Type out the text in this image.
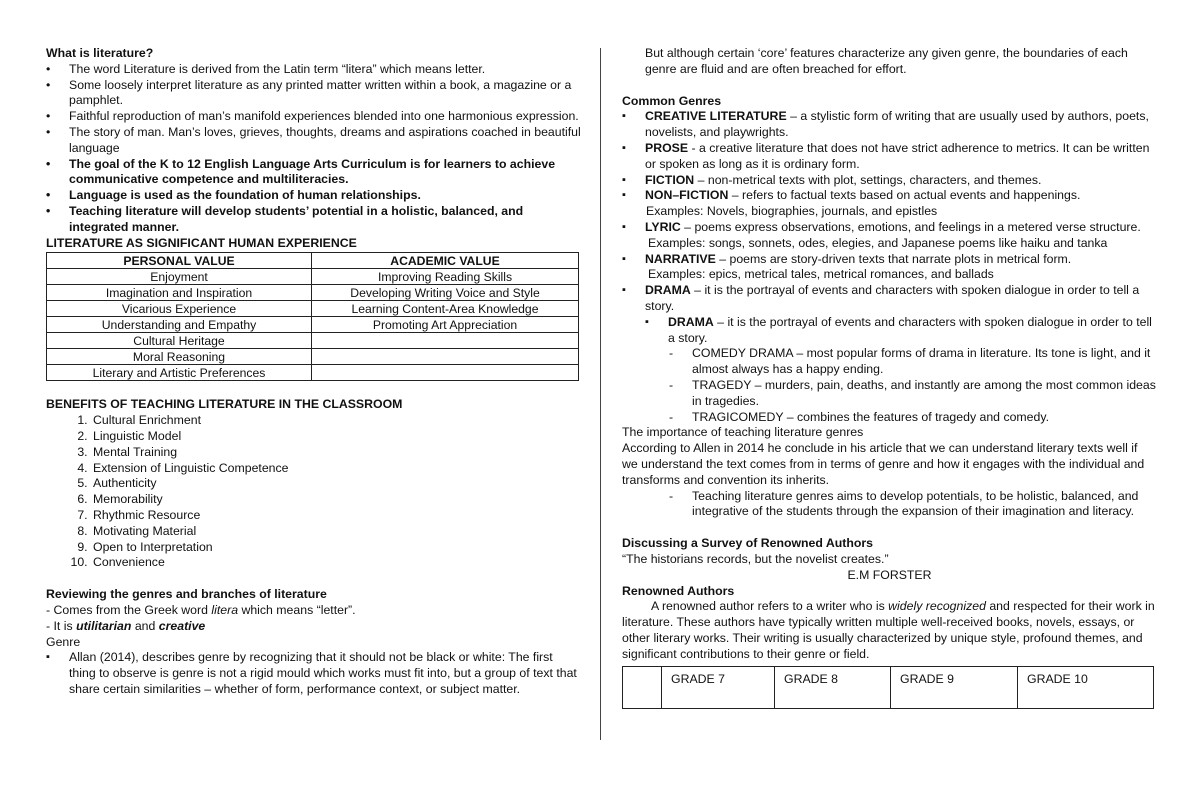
What is literature?

• The word Literature is derived from the Latin term “litera” which means letter.
• Some loosely interpret literature as any printed matter written within a book, a magazine or a pamphlet.
• Faithful reproduction of man’s manifold experiences blended into one harmonious expression.
• The story of man. Man’s loves, grieves, thoughts, dreams and aspirations coached in beautiful language
• The goal of the K to 12 English Language Arts Curriculum is for learners to achieve communicative competence and multiliteracies.
• Language is used as the foundation of human relationships.
• Teaching literature will develop students’ potential in a holistic, balanced, and integrated manner.

LITERATURE AS SIGNIFICANT HUMAN EXPERIENCE

PERSONAL VALUE	ACADEMIC VALUE
Enjoyment	Improving Reading Skills
Imagination and Inspiration	Developing Writing Voice and Style
Vicarious Experience	Learning Content-Area Knowledge
Understanding and Empathy	Promoting Art Appreciation
Cultural Heritage	
Moral Reasoning	
Literary and Artistic Preferences	

BENEFITS OF TEACHING LITERATURE IN THE CLASSROOM

1. Cultural Enrichment
2. Linguistic Model
3. Mental Training
4. Extension of Linguistic Competence
5. Authenticity
6. Memorability
7. Rhythmic Resource
8. Motivating Material
9. Open to Interpretation
10. Convenience

Reviewing the genres and branches of literature

- Comes from the Greek word litera which means “letter”.

- It is utilitarian and creative

Genre

▪ Allan (2014), describes genre by recognizing that it should not be black or white: The first thing to observe is genre is not a rigid mould which works must fit into, but a group of text that share certain similarities – whether of form, performance context, or subject matter.

But although certain ‘core’ features characterize any given genre, the boundaries of each genre are fluid and are often breached for effort.

Common Genres

▪ CREATIVE LITERATURE – a stylistic form of writing that are usually used by authors, poets, novelists, and playwrights.
▪ PROSE - a creative literature that does not have strict adherence to metrics. It can be written or spoken as long as it is ordinary form.
▪ FICTION – non-metrical texts with plot, settings, characters, and themes.
▪ NON–FICTION – refers to factual texts based on actual events and happenings.

Examples: Novels, biographies, journals, and epistles

▪ LYRIC – poems express observations, emotions, and feelings in a metered verse structure.

Examples: songs, sonnets, odes, elegies, and Japanese poems like haiku and tanka

▪ NARRATIVE – poems are story-driven texts that narrate plots in metrical form.

Examples: epics, metrical tales, metrical romances, and ballads

▪ DRAMA – it is the portrayal of events and characters with spoken dialogue in order to tell a story.
▪ DRAMA – it is the portrayal of events and characters with spoken dialogue in order to tell a story.
- COMEDY DRAMA – most popular forms of drama in literature. Its tone is light, and it almost always has a happy ending.
- TRAGEDY – murders, pain, deaths, and instantly are among the most common ideas in tragedies.
- TRAGICOMEDY – combines the features of tragedy and comedy.

The importance of teaching literature genres

According to Allen in 2014 he conclude in his article that we can understand literary texts well if we understand the text comes from in terms of genre and how it engages with the individual and transforms and convention its inherits.

- Teaching literature genres aims to develop potentials, to be holistic, balanced, and integrative of the students through the expansion of their imagination and literacy.

Discussing a Survey of Renowned Authors

“The historians records, but the novelist creates.”

E.M FORSTER

Renowned Authors

A renowned author refers to a writer who is widely recognized and respected for their work in literature. These authors have typically written multiple well-received books, novels, essays, or other literary works. Their writing is usually characterized by unique style, profound themes, and significant contributions to their genre or field.

	GRADE 7	GRADE 8	GRADE 9	GRADE 10
